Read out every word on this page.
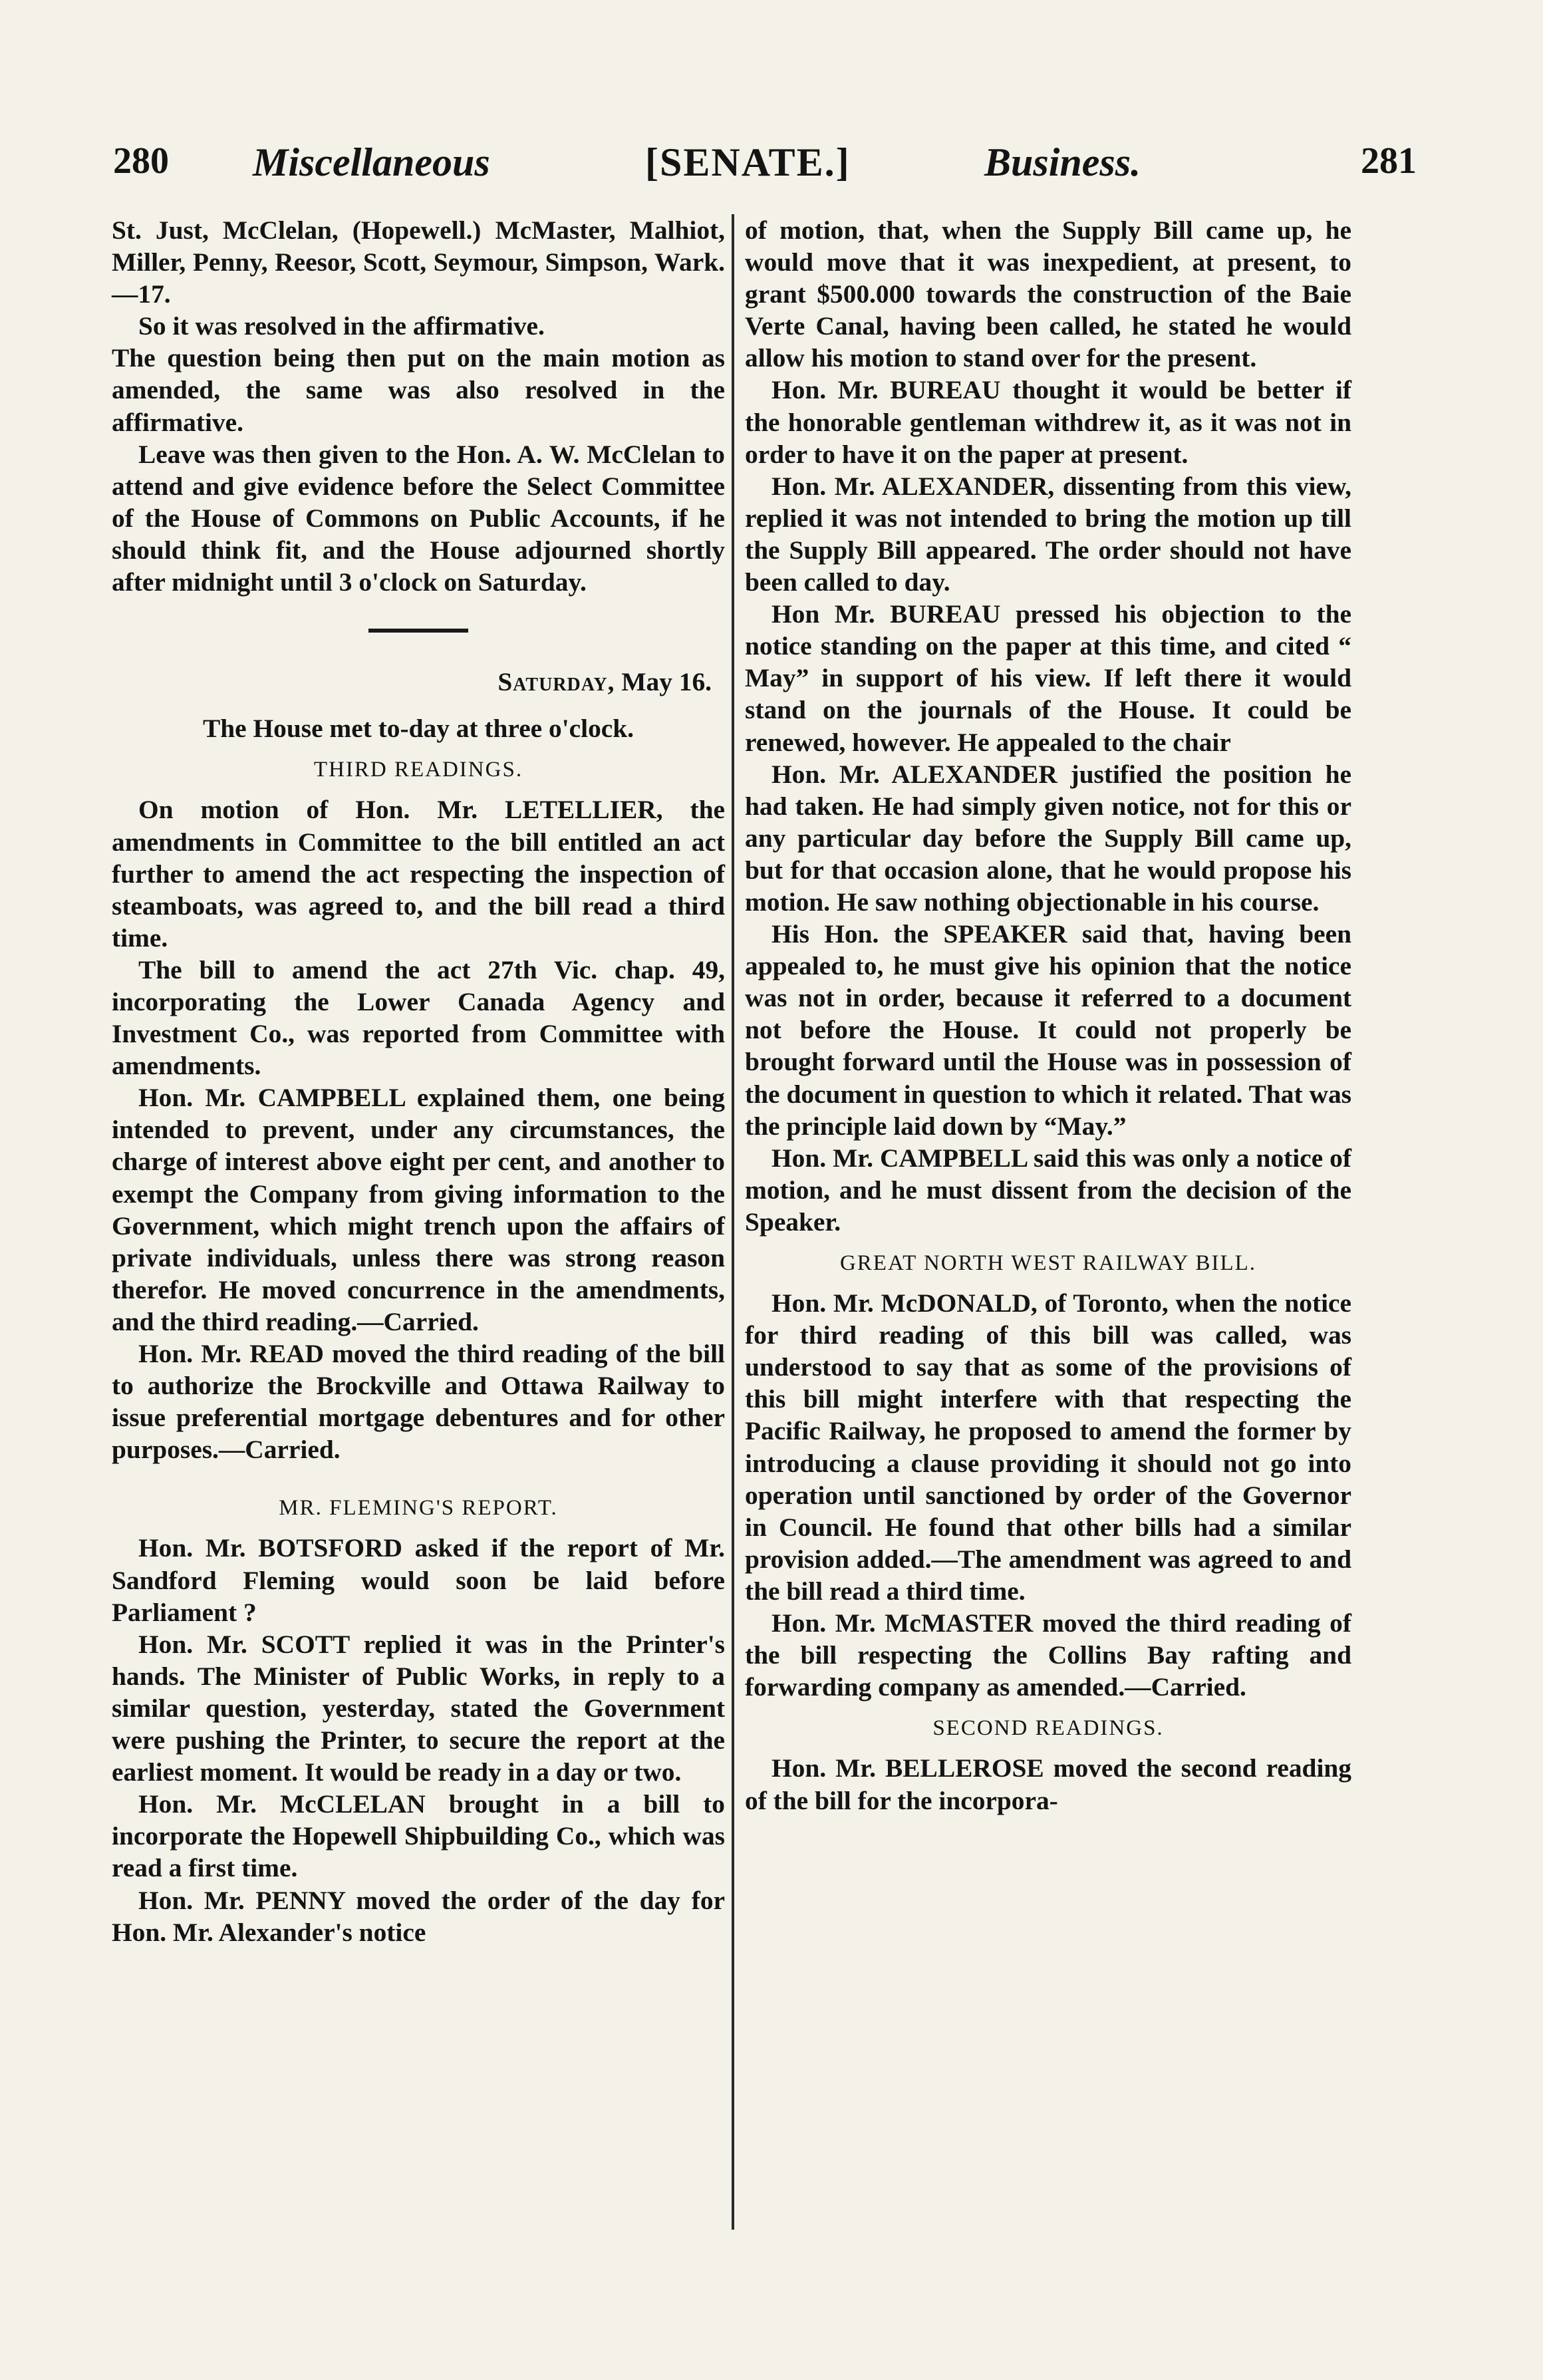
280 Miscellaneous	[SENATE.]	Business.	281

St. Just, McClelan, (Hopewell.) McMaster, Malhiot, Miller, Penny, Reesor, Scott, Seymour, Simpson, Wark.—17.

So it was resolved in the affirmative.

The question being then put on the main motion as amended, the same was also resolved in the affirmative.

Leave was then given to the Hon. A. W. McClelan to attend and give evidence before the Select Committee of the House of Commons on Public Accounts, if he should think fit, and the House adjourned shortly after midnight until 3 o'clock on Saturday.

Saturday, May 16.

The House met to-day at three o'clock.

THIRD READINGS.

On motion of Hon. Mr. LETELLIER, the amendments in Committee to the bill entitled an act further to amend the act respecting the inspection of steamboats, was agreed to, and the bill read a third time.

The bill to amend the act 27th Vic. chap. 49, incorporating the Lower Canada Agency and Investment Co., was reported from Committee with amendments.

Hon. Mr. CAMPBELL explained them, one being intended to prevent, under any circumstances, the charge of interest above eight per cent, and another to exempt the Company from giving information to the Government, which might trench upon the affairs of private individuals, unless there was strong reason therefor. He moved concurrence in the amendments, and the third reading.—Carried.

Hon. Mr. READ moved the third reading of the bill to authorize the Brockville and Ottawa Railway to issue preferential mortgage debentures and for other purposes.—Carried.

MR. FLEMING'S REPORT.

Hon. Mr. BOTSFORD asked if the report of Mr. Sandford Fleming would soon be laid before Parliament ?

Hon. Mr. SCOTT replied it was in the Printer's hands. The Minister of Public Works, in reply to a similar question, yesterday, stated the Government were pushing the Printer, to secure the report at the earliest moment. It would be ready in a day or two.

Hon. Mr. McCLELAN brought in a bill to incorporate the Hopewell Shipbuilding Co., which was read a first time.

Hon. Mr. PENNY moved the order of the day for Hon. Mr. Alexander's notice

of motion, that, when the Supply Bill came up, he would move that it was inexpedient, at present, to grant $500.000 towards the construction of the Baie Verte Canal, having been called, he stated he would allow his motion to stand over for the present.

Hon. Mr. BUREAU thought it would be better if the honorable gentleman withdrew it, as it was not in order to have it on the paper at present.

Hon. Mr. ALEXANDER, dissenting from this view, replied it was not intended to bring the motion up till the Supply Bill appeared. The order should not have been called to day.

Hon Mr. BUREAU pressed his objection to the notice standing on the paper at this time, and cited “ May” in support of his view. If left there it would stand on the journals of the House. It could be renewed, however. He appealed to the chair

Hon. Mr. ALEXANDER justified the position he had taken. He had simply given notice, not for this or any particular day before the Supply Bill came up, but for that occasion alone, that he would propose his motion. He saw nothing objectionable in his course.

His Hon. the SPEAKER said that, having been appealed to, he must give his opinion that the notice was not in order, because it referred to a document not before the House. It could not properly be brought forward until the House was in possession of the document in question to which it related. That was the principle laid down by “May.”

Hon. Mr. CAMPBELL said this was only a notice of motion, and he must dissent from the decision of the Speaker.

GREAT NORTH WEST RAILWAY BILL.

Hon. Mr. McDONALD, of Toronto, when the notice for third reading of this bill was called, was understood to say that as some of the provisions of this bill might interfere with that respecting the Pacific Railway, he proposed to amend the former by introducing a clause providing it should not go into operation until sanctioned by order of the Governor in Council. He found that other bills had a similar provision added.—The amendment was agreed to and the bill read a third time.

Hon. Mr. McMASTER moved the third reading of the bill respecting the Collins Bay rafting and forwarding company as amended.—Carried.

SECOND READINGS.

Hon. Mr. BELLEROSE moved the second reading of the bill for the incorpora-
